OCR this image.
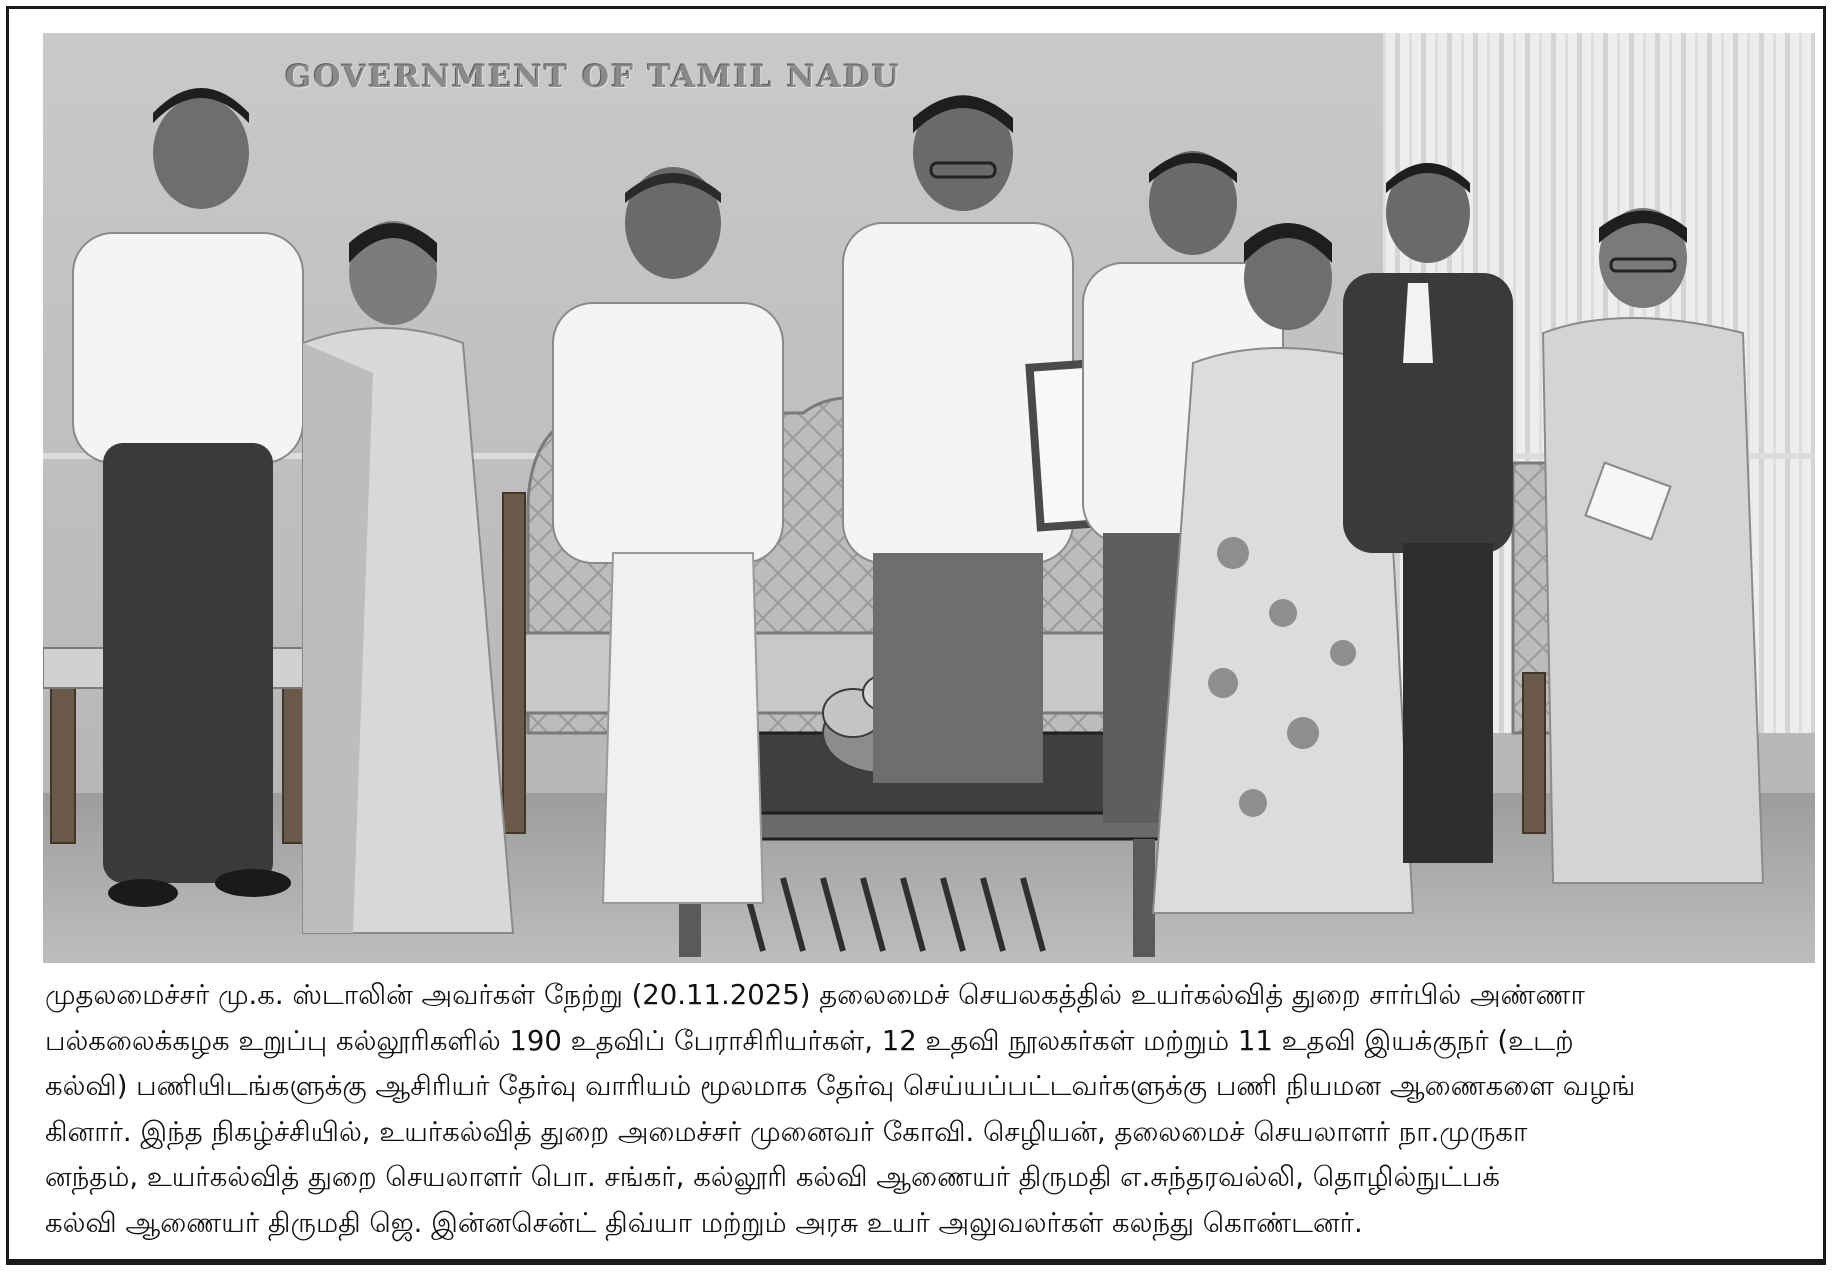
GOVERNMENT OF TAMIL NADU

முதலமைச்சர் மு.க. ஸ்டாலின் அவர்கள் நேற்று (20.11.2025) தலைமைச் செயலகத்தில் உயர்கல்வித் துறை சார்பில் அண்ணா

பல்கலைக்கழக உறுப்பு கல்லூரிகளில் 190 உதவிப் பேராசிரியர்கள், 12 உதவி நூலகர்கள் மற்றும் 11 உதவி இயக்குநர் (உடற்

கல்வி) பணியிடங்களுக்கு ஆசிரியர் தேர்வு வாரியம் மூலமாக தேர்வு செய்யப்பட்டவர்களுக்கு பணி நியமன ஆணைகளை வழங்

கினார். இந்த நிகழ்ச்சியில், உயர்கல்வித் துறை அமைச்சர் முனைவர் கோவி. செழியன், தலைமைச் செயலாளர் நா.முருகா

னந்தம், உயர்கல்வித் துறை செயலாளர் பொ. சங்கர், கல்லூரி கல்வி ஆணையர் திருமதி எ.சுந்தரவல்லி, தொழில்நுட்பக்

கல்வி ஆணையர் திருமதி ஜெ. இன்னசென்ட் திவ்யா மற்றும் அரசு உயர் அலுவலர்கள் கலந்து கொண்டனர்.
